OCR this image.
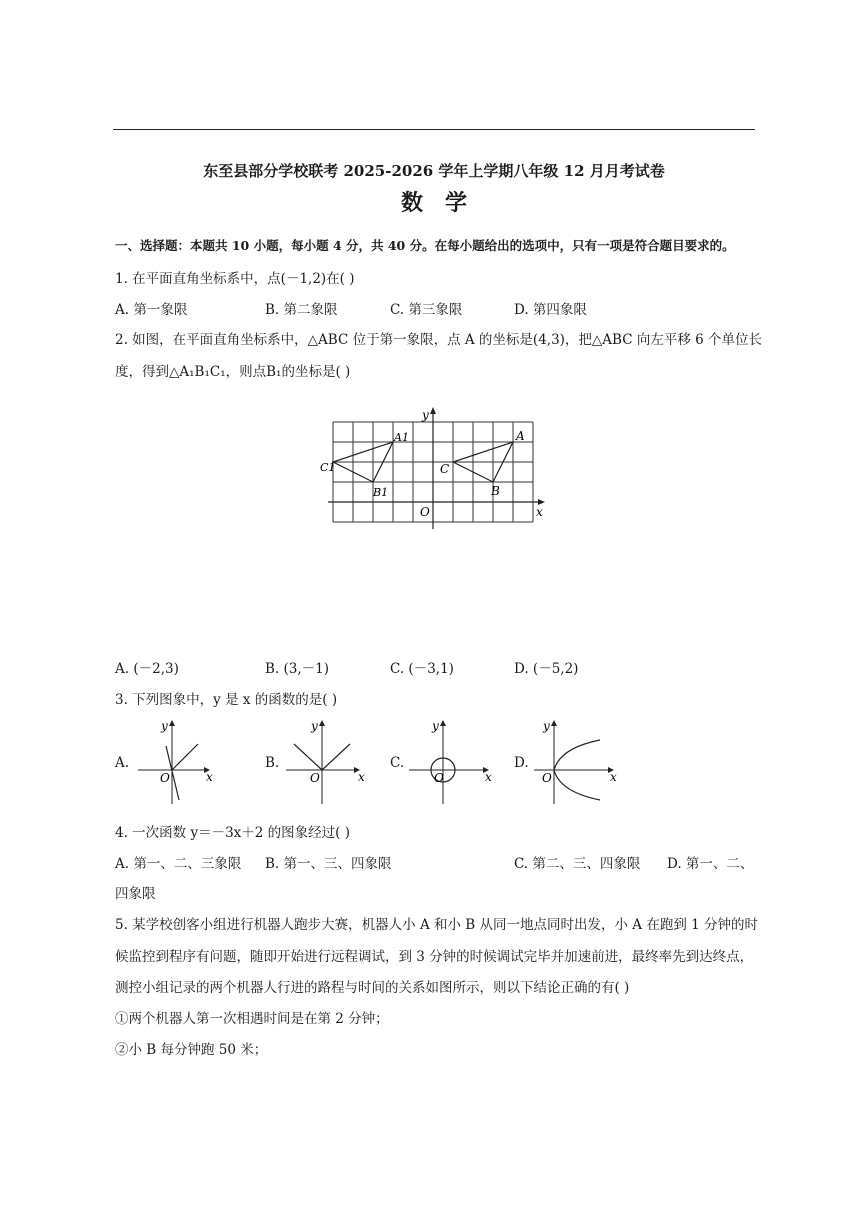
东至县部分学校联考 2025-2026 学年上学期八年级 12 月月考试卷
数学
一、选择题：本题共 10 小题，每小题 4 分，共 40 分。在每小题给出的选项中，只有一项是符合题目要求的。
1. 在平面直角坐标系中，点(－1,2)在( )
A. 第一象限	B. 第二象限	C. 第三象限	D. 第四象限
2. 如图，在平面直角坐标系中，△ABC 位于第一象限，点 A 的坐标是(4,3)，把△ABC 向左平移 6 个单位长
度，得到△A₁B₁C₁，则点B₁的坐标是( )
A
B
C
A1
B1
C1
O	x
y
A. (－2,3)	B. (3,－1)	C. (－3,1)	D. (－5,2)
3. 下列图象中，y 是 x 的函数的是( )
A.
y
x
O
B.
y
x
O
C.
y
x
O
D.
y
x
O
4. 一次函数 y＝－3x＋2 的图象经过( )
A. 第一、二、三象限 B. 第一、三、四象限	C. 第二、三、四象限 D. 第一、二、
四象限
5. 某学校创客小组进行机器人跑步大赛，机器人小 A 和小 B 从同一地点同时出发，小 A 在跑到 1 分钟的时
候监控到程序有问题，随即开始进行远程调试，到 3 分钟的时候调试完毕并加速前进，最终率先到达终点，
测控小组记录的两个机器人行进的路程与时间的关系如图所示，则以下结论正确的有( )
①两个机器人第一次相遇时间是在第 2 分钟；
②小 B 每分钟跑 50 米；
